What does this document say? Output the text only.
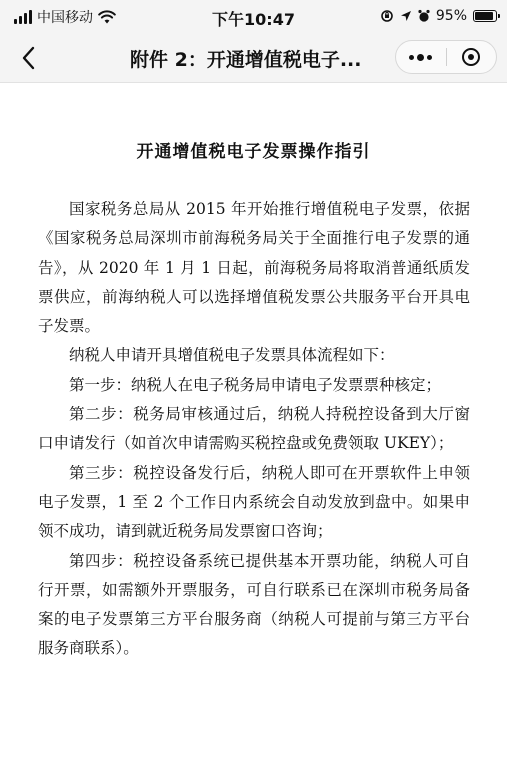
中国移动	下午10:47	95%
附件 2：开通增值税电子...
开通增值税电子发票操作指引

国家税务总局从 2015 年开始推行增值税电子发票，依据《国家税务总局深圳市前海税务局关于全面推行电子发票的通告》，从 2020 年 1 月 1 日起，前海税务局将取消普通纸质发票供应，前海纳税人可以选择增值税发票公共服务平台开具电子发票。

纳税人申请开具增值税电子发票具体流程如下：

第一步：纳税人在电子税务局申请电子发票票种核定；

第二步：税务局审核通过后，纳税人持税控设备到大厅窗口申请发行（如首次申请需购买税控盘或免费领取 UKEY）；

第三步：税控设备发行后，纳税人即可在开票软件上申领电子发票，1 至 2 个工作日内系统会自动发放到盘中。如果申领不成功，请到就近税务局发票窗口咨询；

第四步：税控设备系统已提供基本开票功能，纳税人可自行开票，如需额外开票服务，可自行联系已在深圳市税务局备案的电子发票第三方平台服务商（纳税人可提前与第三方平台服务商联系）。
